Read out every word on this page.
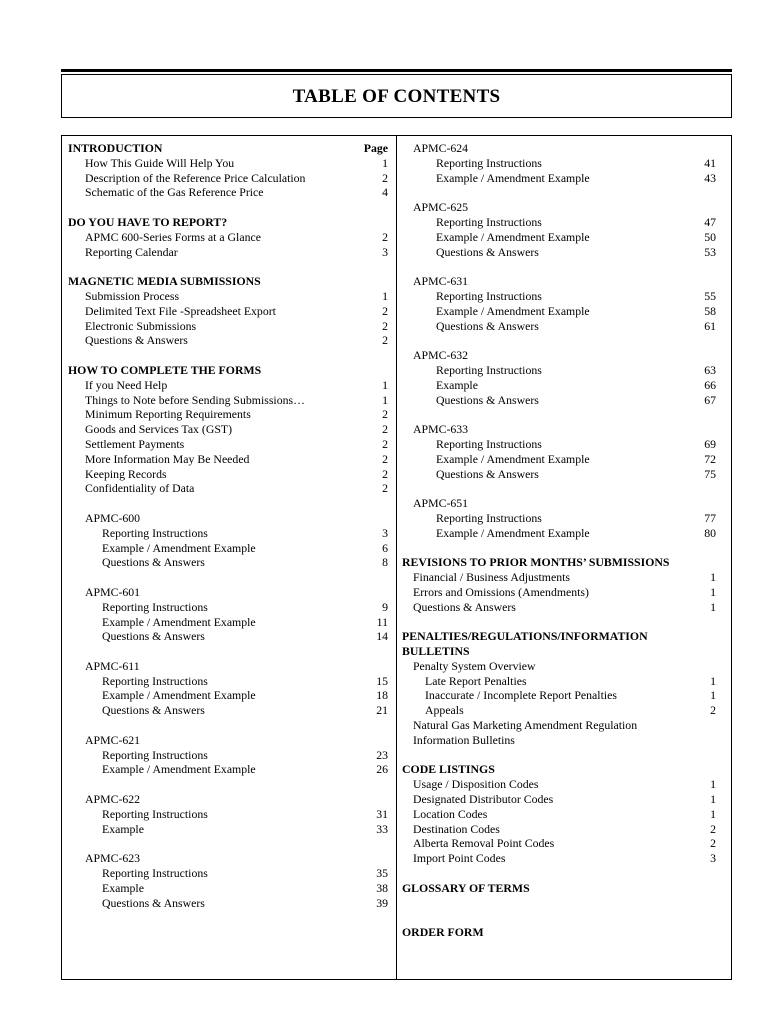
TABLE OF CONTENTS
INTRODUCTION	Page
How This Guide Will Help You	1
Description of the Reference Price Calculation	2
Schematic of the Gas Reference Price	4
DO YOU HAVE TO REPORT?
APMC 600-Series Forms at a Glance	2
Reporting Calendar	3
MAGNETIC MEDIA SUBMISSIONS
Submission Process	1
Delimited Text File -Spreadsheet Export	2
Electronic Submissions	2
Questions & Answers	2
HOW TO COMPLETE THE FORMS
If you Need Help	1
Things to Note before Sending Submissions…	1
Minimum Reporting Requirements	2
Goods and Services Tax (GST)	2
Settlement Payments	2
More Information May Be Needed	2
Keeping Records	2
Confidentiality of Data	2
APMC-600
Reporting Instructions	3
Example / Amendment Example	6
Questions & Answers	8
APMC-601
Reporting Instructions	9
Example / Amendment Example	11
Questions & Answers	14
APMC-611
Reporting Instructions	15
Example / Amendment Example	18
Questions & Answers	21
APMC-621
Reporting Instructions	23
Example / Amendment Example	26
APMC-622
Reporting Instructions	31
Example	33
APMC-623
Reporting Instructions	35
Example	38
Questions & Answers	39
APMC-624
Reporting Instructions	41
Example / Amendment Example	43
APMC-625
Reporting Instructions	47
Example / Amendment Example	50
Questions & Answers	53
APMC-631
Reporting Instructions	55
Example / Amendment Example	58
Questions & Answers	61
APMC-632
Reporting Instructions	63
Example	66
Questions & Answers	67
APMC-633
Reporting Instructions	69
Example / Amendment Example	72
Questions & Answers	75
APMC-651
Reporting Instructions	77
Example / Amendment Example	80
REVISIONS TO PRIOR MONTHS’ SUBMISSIONS
Financial / Business Adjustments	1
Errors and Omissions (Amendments)	1
Questions & Answers	1
PENALTIES/REGULATIONS/INFORMATION
BULLETINS
Penalty System Overview
Late Report Penalties	1
Inaccurate / Incomplete Report Penalties	1
Appeals	2
Natural Gas Marketing Amendment Regulation
Information Bulletins
CODE LISTINGS
Usage / Disposition Codes	1
Designated Distributor Codes	1
Location Codes	1
Destination Codes	2
Alberta Removal Point Codes	2
Import Point Codes	3
GLOSSARY OF TERMS
ORDER FORM
